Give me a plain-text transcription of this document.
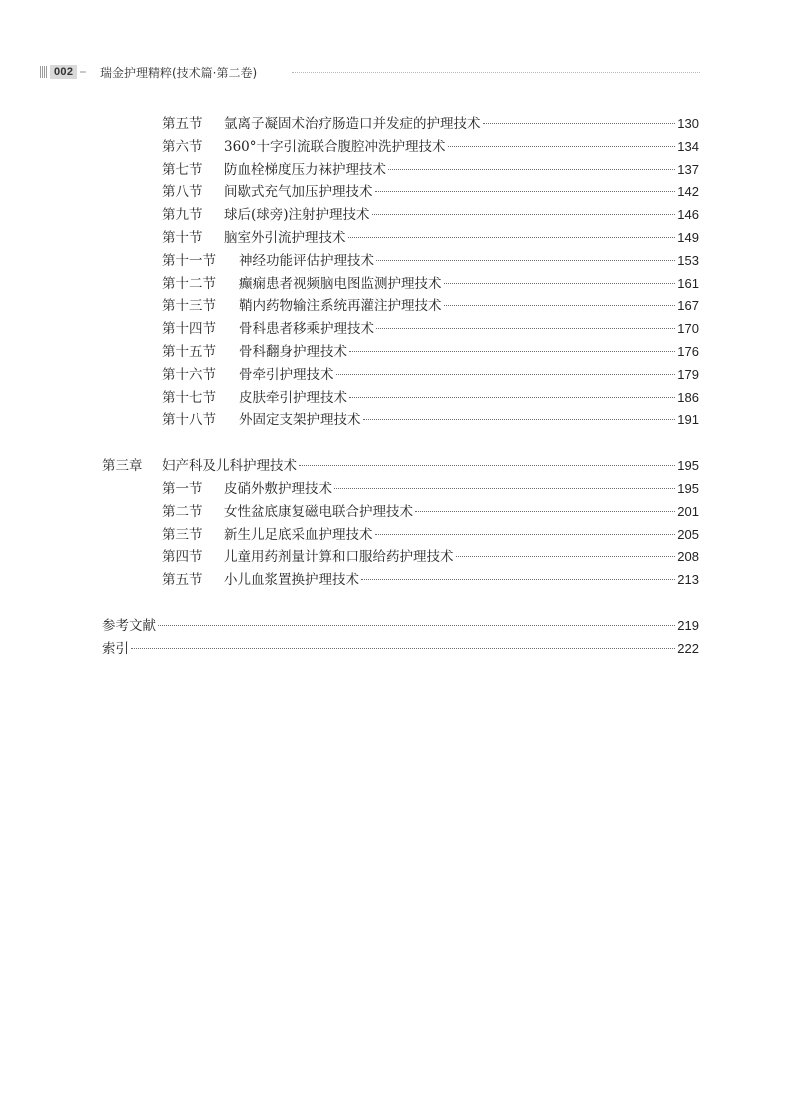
002	瑞金护理精粹(技术篇·第二卷)
第五节	氩离子凝固术治疗肠造口并发症的护理技术	130
第六节	360°十字引流联合腹腔冲洗护理技术	134
第七节	防血栓梯度压力袜护理技术	137
第八节	间歇式充气加压护理技术	142
第九节	球后(球旁)注射护理技术	146
第十节	脑室外引流护理技术	149
第十一节	神经功能评估护理技术	153
第十二节	癫痫患者视频脑电图监测护理技术	161
第十三节	鞘内药物输注系统再灌注护理技术	167
第十四节	骨科患者移乘护理技术	170
第十五节	骨科翻身护理技术	176
第十六节	骨牵引护理技术	179
第十七节	皮肤牵引护理技术	186
第十八节	外固定支架护理技术	191
第三章	妇产科及儿科护理技术	195
第一节	皮硝外敷护理技术	195
第二节	女性盆底康复磁电联合护理技术	201
第三节	新生儿足底采血护理技术	205
第四节	儿童用药剂量计算和口服给药护理技术	208
第五节	小儿血浆置换护理技术	213
参考文献	219
索引	222
